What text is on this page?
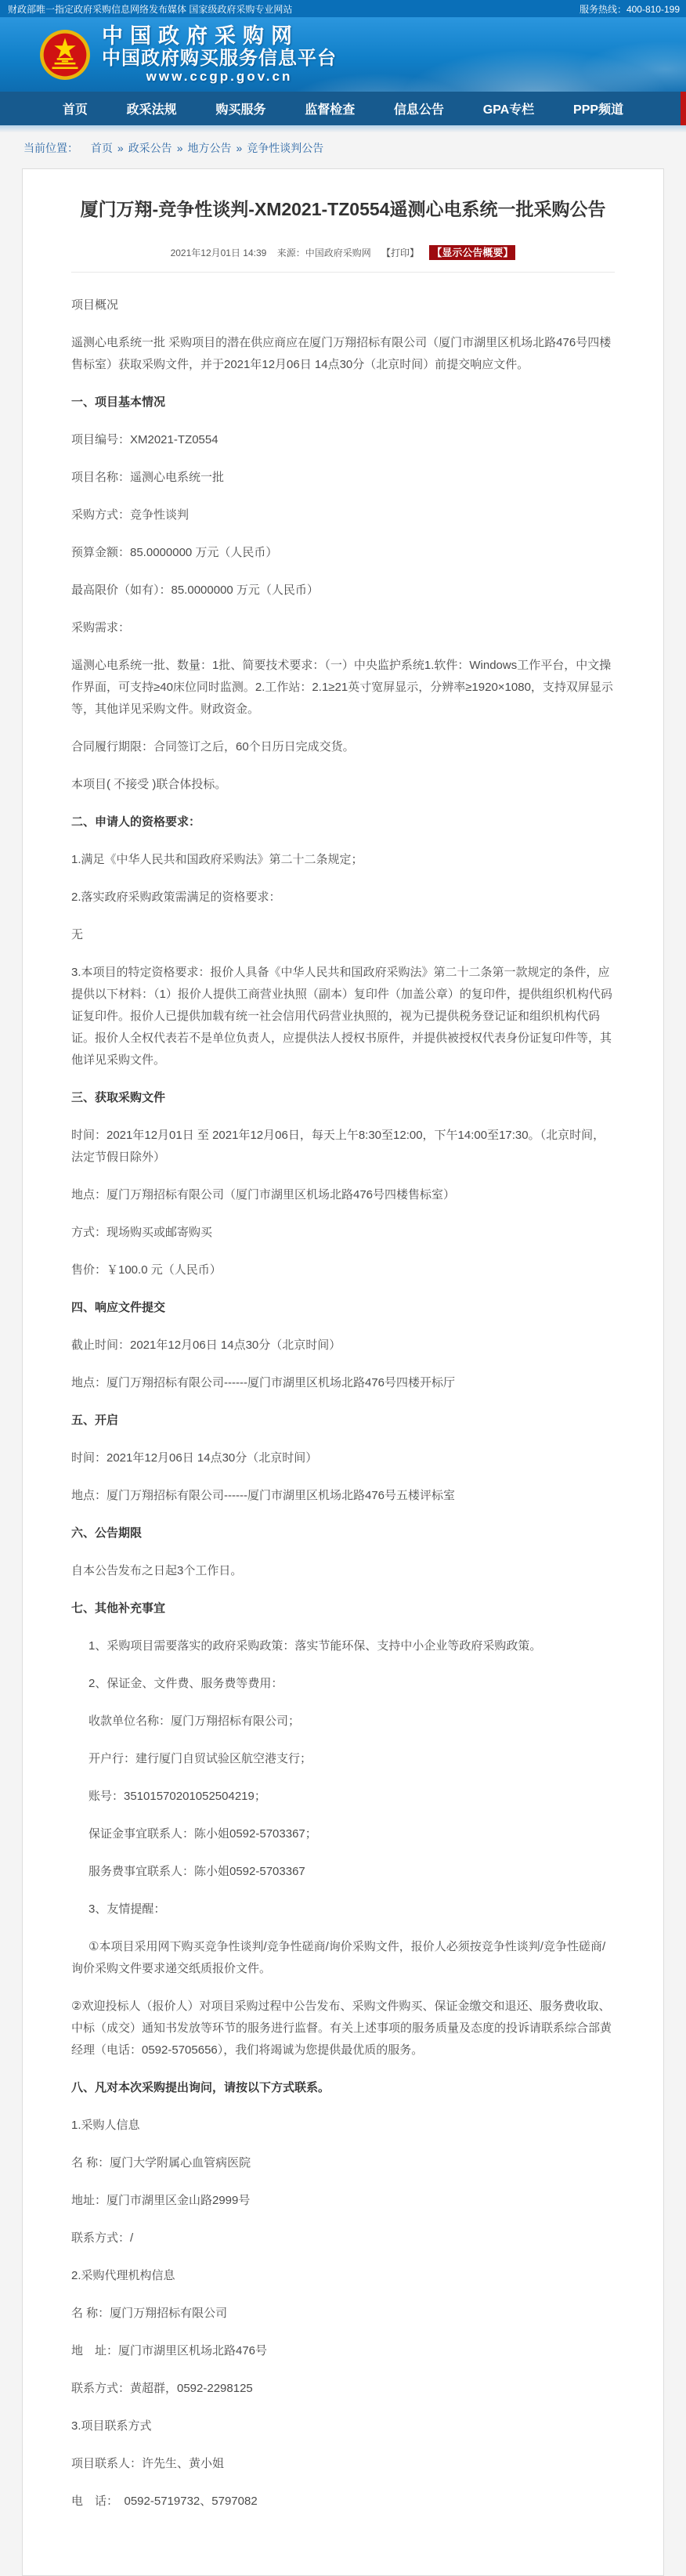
财政部唯一指定政府采购信息网络发布媒体 国家级政府采购专业网站	服务热线：400-810-199
中国政府采购网
中国政府购买服务信息平台
www.ccgp.gov.cn
首页	政采法规	购买服务	监督检查	信息公告	GPA专栏	PPP频道
当前位置： 首页 » 政采公告 » 地方公告 » 竞争性谈判公告
厦门万翔-竞争性谈判-XM2021-TZ0554遥测心电系统一批采购公告
2021年12月01日 14:39 来源：中国政府采购网 【打印】 【显示公告概要】

项目概况

遥测心电系统一批 采购项目的潜在供应商应在厦门万翔招标有限公司（厦门市湖里区机场北路476号四楼售标室）获取采购文件，并于2021年12月06日 14点30分（北京时间）前提交响应文件。

一、项目基本情况

项目编号：XM2021-TZ0554

项目名称：遥测心电系统一批

采购方式：竞争性谈判

预算金额：85.0000000 万元（人民币）

最高限价（如有）：85.0000000 万元（人民币）

采购需求：

遥测心电系统一批、数量：1批、简要技术要求：（一）中央监护系统1.软件：Windows工作平台，中文操作界面，可支持≥40床位同时监测。2.工作站：2.1≥21英寸宽屏显示，分辨率≥1920×1080，支持双屏显示等，其他详见采购文件。财政资金。

合同履行期限：合同签订之后，60个日历日完成交货。

本项目( 不接受 )联合体投标。

二、申请人的资格要求：

1.满足《中华人民共和国政府采购法》第二十二条规定；

2.落实政府采购政策需满足的资格要求：

无

3.本项目的特定资格要求：报价人具备《中华人民共和国政府采购法》第二十二条第一款规定的条件，应提供以下材料：（1）报价人提供工商营业执照（副本）复印件（加盖公章）的复印件，提供组织机构代码证复印件。报价人已提供加载有统一社会信用代码营业执照的，视为已提供税务登记证和组织机构代码证。报价人全权代表若不是单位负责人，应提供法人授权书原件，并提供被授权代表身份证复印件等，其他详见采购文件。

三、获取采购文件

时间：2021年12月01日 至 2021年12月06日，每天上午8:30至12:00，下午14:00至17:30。（北京时间，法定节假日除外）

地点：厦门万翔招标有限公司（厦门市湖里区机场北路476号四楼售标室）

方式：现场购买或邮寄购买

售价：￥100.0 元（人民币）

四、响应文件提交

截止时间：2021年12月06日 14点30分（北京时间）

地点：厦门万翔招标有限公司------厦门市湖里区机场北路476号四楼开标厅

五、开启

时间：2021年12月06日 14点30分（北京时间）

地点：厦门万翔招标有限公司------厦门市湖里区机场北路476号五楼评标室

六、公告期限

自本公告发布之日起3个工作日。

七、其他补充事宜

1、采购项目需要落实的政府采购政策：落实节能环保、支持中小企业等政府采购政策。

2、保证金、文件费、服务费等费用：

收款单位名称：厦门万翔招标有限公司；

开户行：建行厦门自贸试验区航空港支行；

账号：35101570201052504219；

保证金事宜联系人：陈小姐0592-5703367；

服务费事宜联系人：陈小姐0592-5703367

3、友情提醒：

①本项目采用网下购买竞争性谈判/竞争性磋商/询价采购文件，报价人必须按竞争性谈判/竞争性磋商/询价采购文件要求递交纸质报价文件。

②欢迎投标人（报价人）对项目采购过程中公告发布、采购文件购买、保证金缴交和退还、服务费收取、中标（成交）通知书发放等环节的服务进行监督。有关上述事项的服务质量及态度的投诉请联系综合部黄经理（电话：0592-5705656），我们将竭诚为您提供最优质的服务。

八、凡对本次采购提出询问，请按以下方式联系。

1.采购人信息

名 称：厦门大学附属心血管病医院

地址：厦门市湖里区金山路2999号

联系方式：/

2.采购代理机构信息

名 称：厦门万翔招标有限公司

地　址：厦门市湖里区机场北路476号

联系方式：黄超群，0592-2298125

3.项目联系方式

项目联系人：许先生、黄小姐

电　话：　0592-5719732、5797082
